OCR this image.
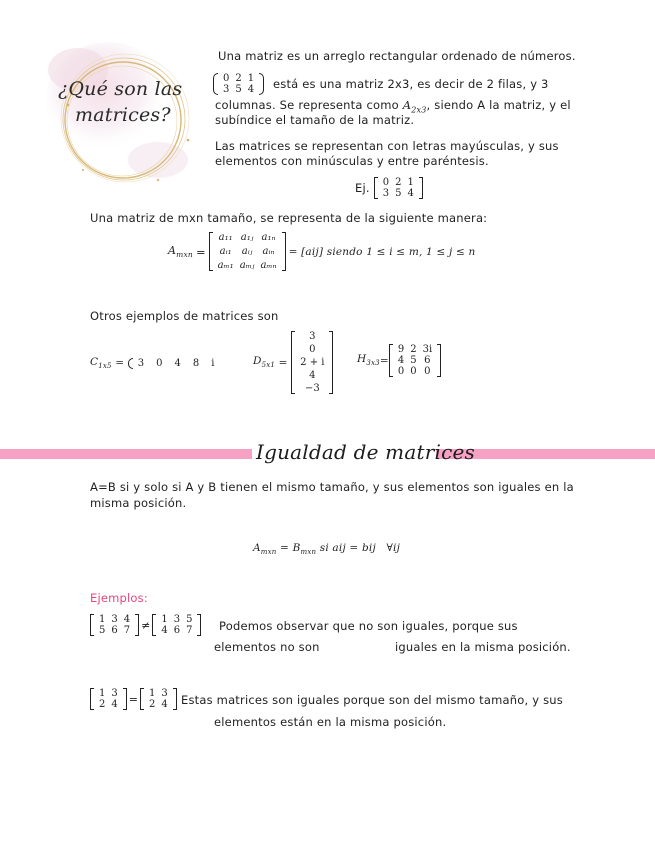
¿Qué son las
matrices?
Una matriz es un arreglo rectangular ordenado de números.
0 2 1
3 5 4 está es una matriz 2x3, es decir de 2 filas, y 3
columnas. Se representa como $A_{2x3}$, siendo A la matriz, y el
subíndice el tamaño de la matriz.
Las matrices se representan con letras mayúsculas, y sus
elementos con minúsculas y entre paréntesis.
Ej.	0 2 1
3 5 4
Una matriz de mxn tamaño, se representa de la siguiente manera:
$A_{mxn}$ =
a₁₁ a₁ⱼ a₁ₙ
aᵢ₁	aᵢⱼ	aᵢₙ
aₘ₁ aₘⱼ aₘₙ
= [aij] siendo 1 ≤ i ≤ m, 1 ≤ j ≤ n
Otros ejemplos de matrices son
$C_{1x5}$ =	3	0	4	8	i	$D_{5x1}$ =
3
0
2 + i
4
−3
$H_{3x3}$ =
9 2 3i
4 5 6
0 0 0
Igualdad de matrices
A=B si y solo si A y B tienen el mismo tamaño, y sus elementos son iguales en la
misma posición.
$A_{mxn} = B_{mxn}$ si aij = bij   ∀ij
Ejemplos:
1 3 4
5 6 7 ≠	1 3 5
4 6 7 Podemos observar que no son iguales, porque sus
elementos no son	iguales en la misma posición.
1 3
2 4 =	1 3
2 4 Estas matrices son iguales porque son del mismo tamaño, y sus
elementos están en la misma posición.
